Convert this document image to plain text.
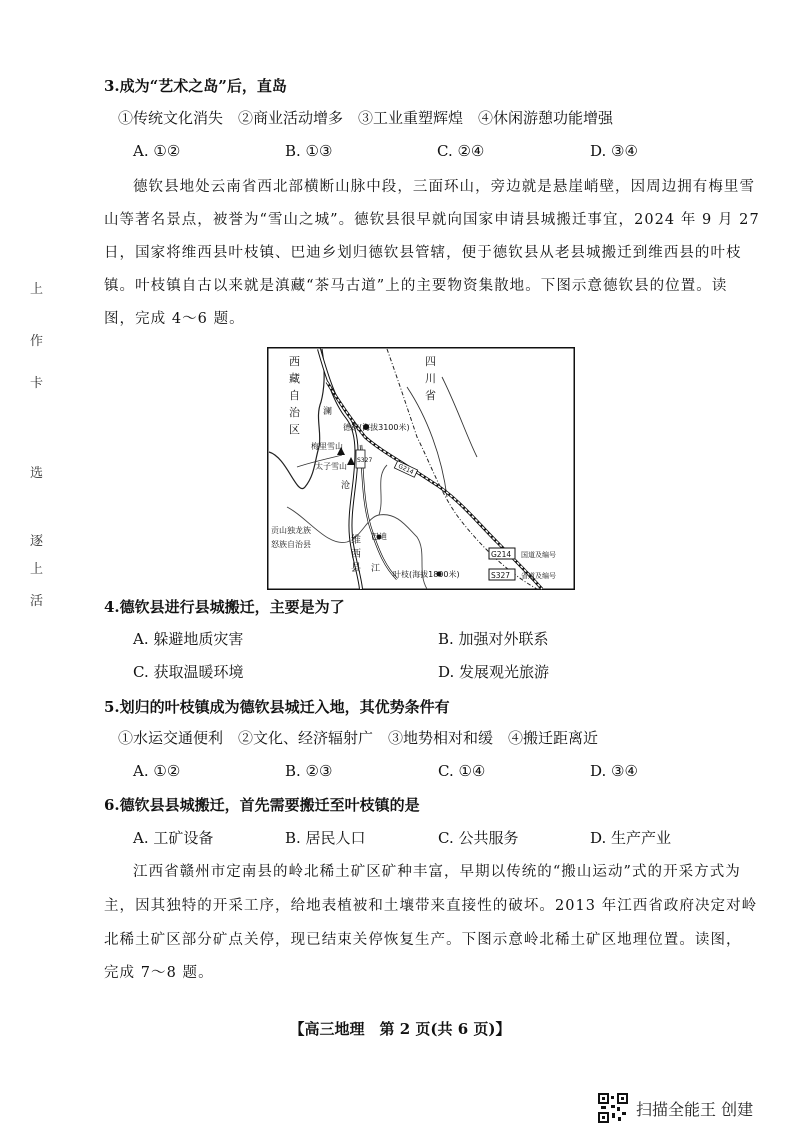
上
作
卡
选
逐
上
活
3.成为“艺术之岛”后，直岛
①传统文化消失　②商业活动增多　③工业重塑辉煌　④休闲游憩功能增强
A. ①②	B. ①③	C. ②④	D. ③④
德钦县地处云南省西北部横断山脉中段，三面环山，旁边就是悬崖峭壁，因周边拥有梅里雪
山等著名景点，被誉为“雪山之城”。德钦县很早就向国家申请县城搬迁事宜，2024 年 9 月 27
日，国家将维西县叶枝镇、巴迪乡划归德钦县管辖，便于德钦县从老县城搬迁到维西县的叶枝
镇。叶枝镇自古以来就是滇藏“茶马古道”上的主要物资集散地。下图示意德钦县的位置。读
图，完成 4～6 题。
西
藏
自
治
区
四
川
省
维
西
县
澜
沧
江
德钦(海拔3100米)
叶枝(海拔1800米)
梅里雪山
太子雪山
巴迪
贡山独龙族
怒族自治县
G214
S327
国道及编号
省道及编号
S327
G214
4.德钦县进行县城搬迁，主要是为了
A. 躲避地质灾害	B. 加强对外联系
C. 获取温暖环境	D. 发展观光旅游
5.划归的叶枝镇成为德钦县城迁入地，其优势条件有
①水运交通便利　②文化、经济辐射广　③地势相对和缓　④搬迁距离近
A. ①②	B. ②③	C. ①④	D. ③④
6.德钦县县城搬迁，首先需要搬迁至叶枝镇的是
A. 工矿设备	B. 居民人口	C. 公共服务	D. 生产产业
江西省赣州市定南县的岭北稀土矿区矿种丰富，早期以传统的“搬山运动”式的开采方式为
主，因其独特的开采工序，给地表植被和土壤带来直接性的破坏。2013 年江西省政府决定对岭
北稀土矿区部分矿点关停，现已结束关停恢复生产。下图示意岭北稀土矿区地理位置。读图，
完成 7～8 题。
【高三地理　第 2 页(共 6 页)】
扫描全能王 创建
